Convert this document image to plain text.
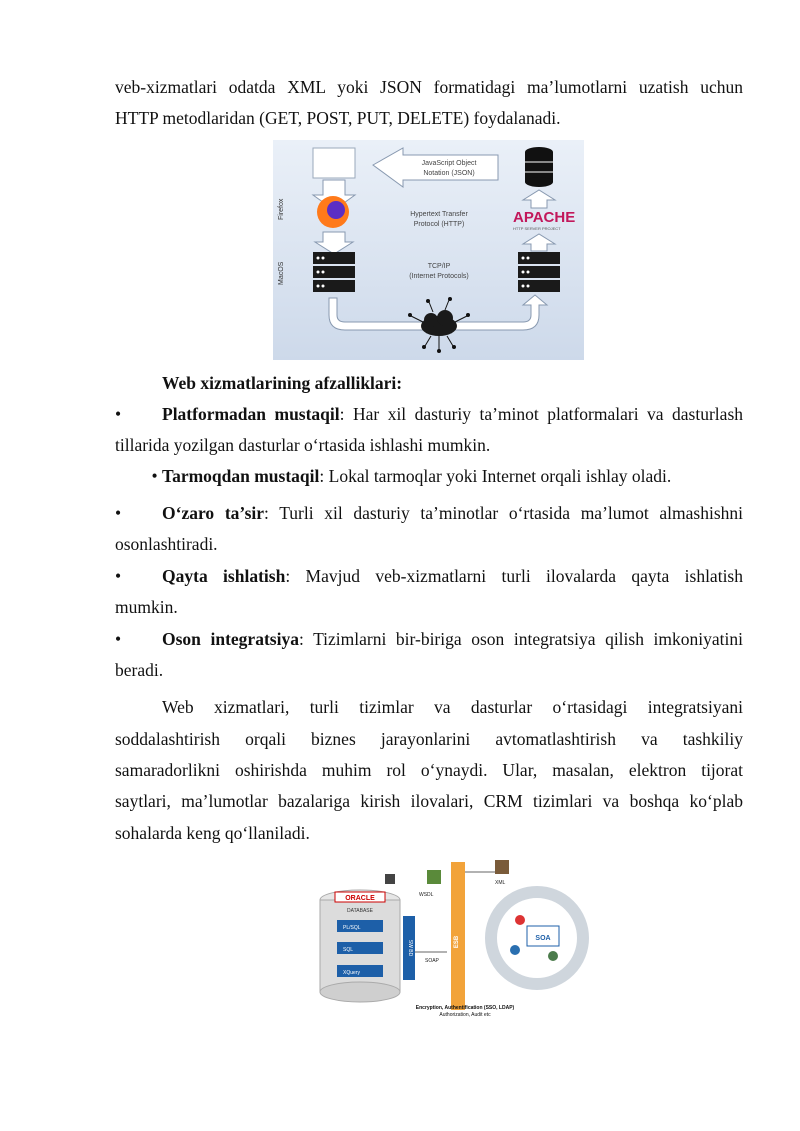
veb-xizmatlari odatda XML yoki JSON formatidagi ma’lumotlarni uzatish uchun

HTTP metodlaridan (GET, POST, PUT, DELETE) foydalanadi.

Firefox
MacOS
JavaScript Object
Notation (JSON)
Hypertext Transfer
Protocol (HTTP)
TCP/IP
(Internet Protocols)
APACHE
HTTP SERVER PROJECT
Web xizmatlarining afzalliklari:

• Platformadan mustaqil: Har xil dasturiy ta’minot platformalari va dasturlash

tillarida yozilgan dasturlar o‘rtasida ishlashi mumkin.

• Tarmoqdan mustaqil: Lokal tarmoqlar yoki Internet orqali ishlay oladi.

• O‘zaro ta’sir: Turli xil dasturiy ta’minotlar o‘rtasida ma’lumot almashishni

osonlashtiradi.

• Qayta ishlatish: Mavjud veb-xizmatlarni turli ilovalarda qayta ishlatish

mumkin.

• Oson integratsiya: Tizimlarni bir-biriga oson integratsiya qilish imkoniyatini

beradi.

Web xizmatlari, turli tizimlar va dasturlar o‘rtasidagi integratsiyani

soddalashtirish orqali biznes jarayonlarini avtomatlashtirish va tashkiliy

samaradorlikni oshirishda muhim rol o‘ynaydi. Ular, masalan, elektron tijorat

saytlari, ma’lumotlar bazalariga kirish ilovalari, CRM tizimlari va boshqa ko‘plab

sohalarda keng qo‘llaniladi.

ORACLE
DATABASE
PL/SQL
SQL
XQuery
SW BD
WSDL
SOAP
ESB
XML
SOA
Encryption, Authentification (SSO, LDAP)
Authorization, Audit etc
